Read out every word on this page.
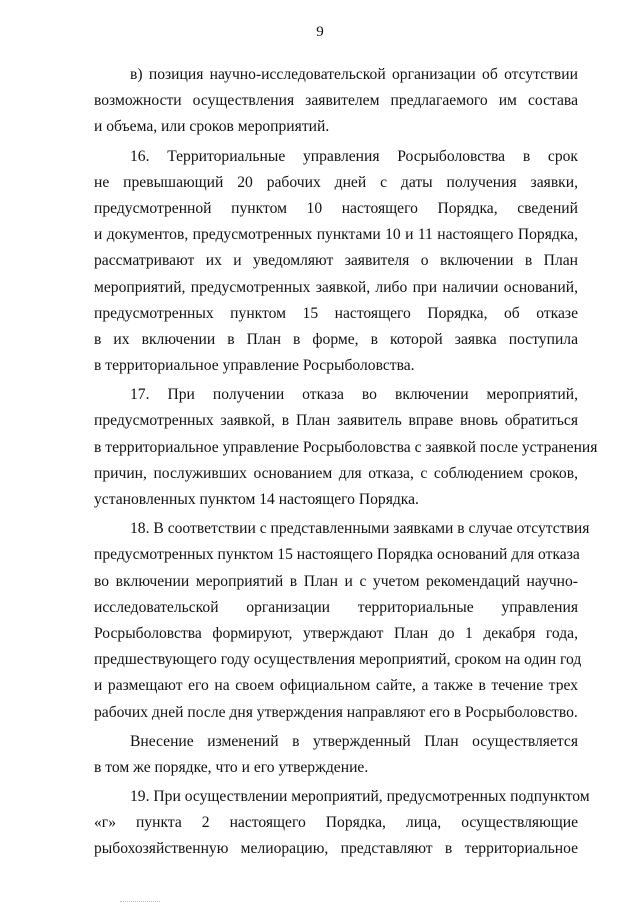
9
в) позиция научно-исследовательской организации об отсутствии
возможности осуществления заявителем предлагаемого им состава
и объема, или сроков мероприятий.
16. Территориальные управления Росрыболовства в срок
не превышающий 20 рабочих дней с даты получения заявки,
предусмотренной пунктом 10 настоящего Порядка, сведений
и документов, предусмотренных пунктами 10 и 11 настоящего Порядка,
рассматривают их и уведомляют заявителя о включении в План
мероприятий, предусмотренных заявкой, либо при наличии оснований,
предусмотренных пунктом 15 настоящего Порядка, об отказе
в их включении в План в форме, в которой заявка поступила
в территориальное управление Росрыболовства.
17. При получении отказа во включении мероприятий,
предусмотренных заявкой, в План заявитель вправе вновь обратиться
в территориальное управление Росрыболовства с заявкой после устранения
причин, послуживших основанием для отказа, с соблюдением сроков,
установленных пунктом 14 настоящего Порядка.
18. В соответствии с представленными заявками в случае отсутствия
предусмотренных пунктом 15 настоящего Порядка оснований для отказа
во включении мероприятий в План и с учетом рекомендаций научно-
исследовательской организации территориальные управления
Росрыболовства формируют, утверждают План до 1 декабря года,
предшествующего году осуществления мероприятий, сроком на один год
и размещают его на своем официальном сайте, а также в течение трех
рабочих дней после дня утверждения направляют его в Росрыболовство.
Внесение изменений в утвержденный План осуществляется
в том же порядке, что и его утверждение.
19. При осуществлении мероприятий, предусмотренных подпунктом
«г» пункта 2 настоящего Порядка, лица, осуществляющие
рыбохозяйственную мелиорацию, представляют в территориальное
